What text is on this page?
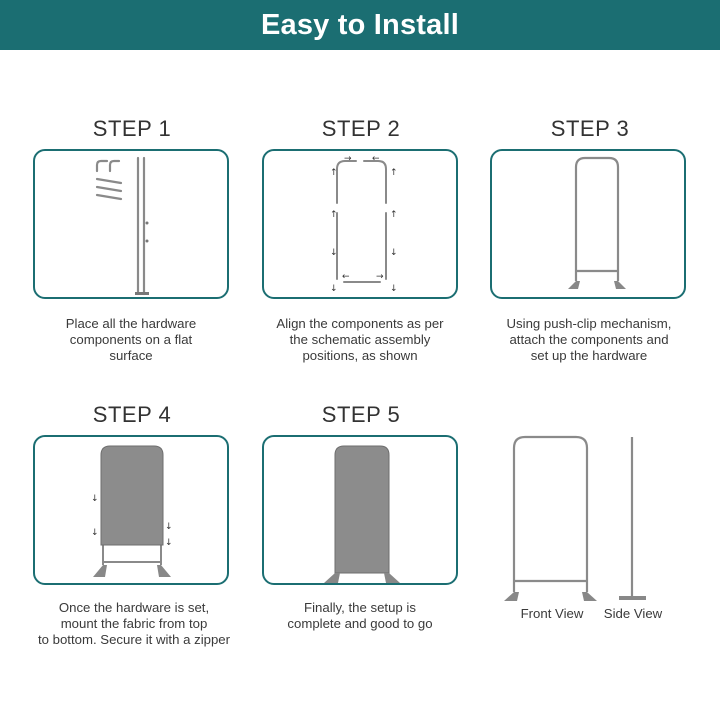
Easy to Install
STEP 1
Place all the hardware
components on a flat
surface
STEP 2
↑	↑
↑	↑
↓	↓
↓	↓
→ ←
←	→
Align the components as per
the schematic assembly
positions, as shown
STEP 3
Using push-clip mechanism,
attach the components and
set up the hardware
STEP 4
↓
↓
↓
↓
Once the hardware is set,
mount the fabric from top
to bottom. Secure it with a zipper
STEP 5
Finally, the setup is
complete and good to go
Front View	Side View
